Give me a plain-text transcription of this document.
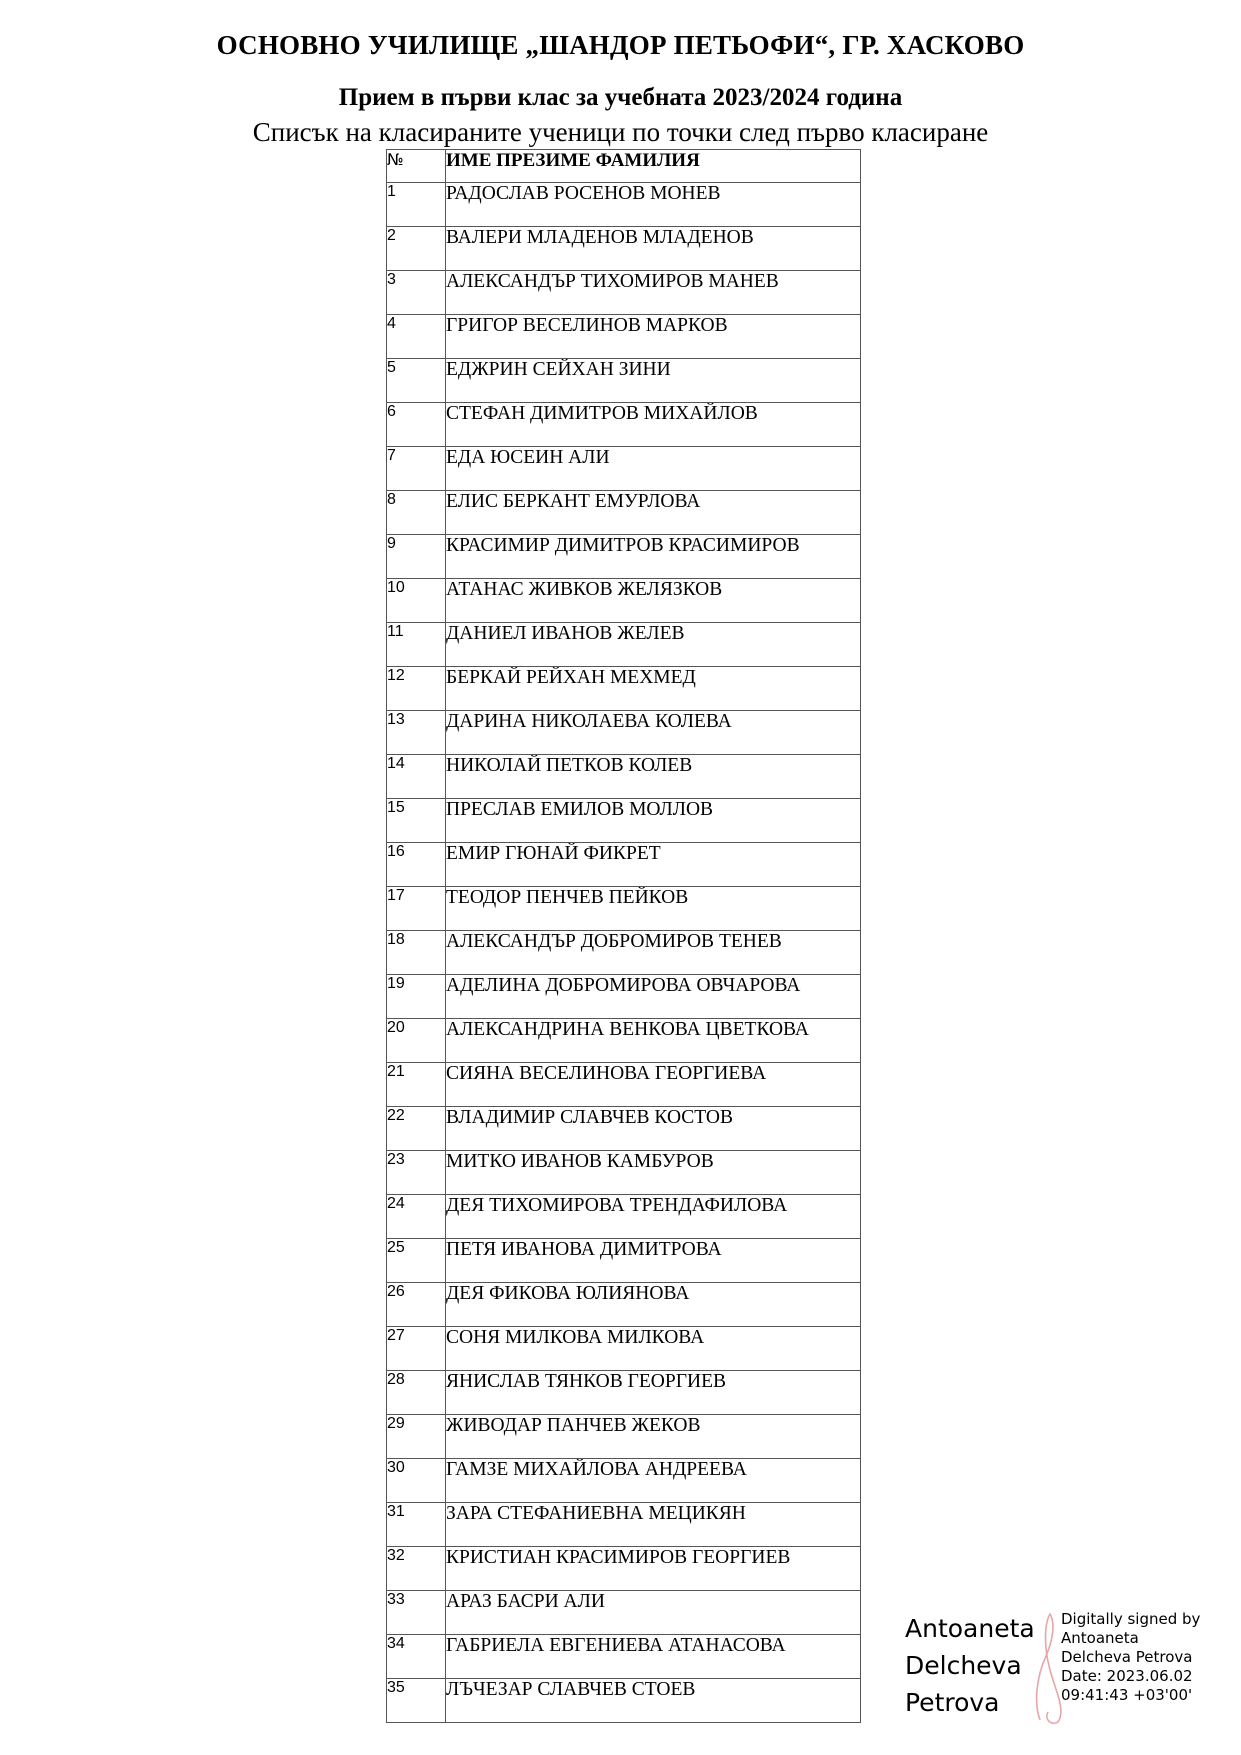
ОСНОВНО УЧИЛИЩЕ „ШАНДОР ПЕТЬОФИ“, ГР. ХАСКОВО
Прием в първи клас за учебната 2023/2024 година
Списък на класираните ученици по точки след първо класиране
№	ИМЕ ПРЕЗИМЕ ФАМИЛИЯ
1	РАДОСЛАВ РОСЕНОВ МОНЕВ
2	ВАЛЕРИ МЛАДЕНОВ МЛАДЕНОВ
3	АЛЕКСАНДЪР ТИХОМИРОВ МАНЕВ
4	ГРИГОР ВЕСЕЛИНОВ МАРКОВ
5	ЕДЖРИН СЕЙХАН ЗИНИ
6	СТЕФАН ДИМИТРОВ МИХАЙЛОВ
7	ЕДА ЮСЕИН АЛИ
8	ЕЛИС БЕРКАНТ ЕМУРЛОВА
9	КРАСИМИР ДИМИТРОВ КРАСИМИРОВ
10	АТАНАС ЖИВКОВ ЖЕЛЯЗКОВ
11	ДАНИЕЛ ИВАНОВ ЖЕЛЕВ
12	БЕРКАЙ РЕЙХАН МЕХМЕД
13	ДАРИНА НИКОЛАЕВА КОЛЕВА
14	НИКОЛАЙ ПЕТКОВ КОЛЕВ
15	ПРЕСЛАВ ЕМИЛОВ МОЛЛОВ
16	ЕМИР ГЮНАЙ ФИКРЕТ
17	ТЕОДОР ПЕНЧЕВ ПЕЙКОВ
18	АЛЕКСАНДЪР ДОБРОМИРОВ ТЕНЕВ
19	АДЕЛИНА ДОБРОМИРОВА ОВЧАРОВА
20	АЛЕКСАНДРИНА ВЕНКОВА ЦВЕТКОВА
21	СИЯНА ВЕСЕЛИНОВА ГЕОРГИЕВА
22	ВЛАДИМИР СЛАВЧЕВ КОСТОВ
23	МИТКО ИВАНОВ КАМБУРОВ
24	ДЕЯ ТИХОМИРОВА ТРЕНДАФИЛОВА
25	ПЕТЯ ИВАНОВА ДИМИТРОВА
26	ДЕЯ ФИКОВА ЮЛИЯНОВА
27	СОНЯ МИЛКОВА МИЛКОВА
28	ЯНИСЛАВ ТЯНКОВ ГЕОРГИЕВ
29	ЖИВОДАР ПАНЧЕВ ЖЕКОВ
30	ГАМЗЕ МИХАЙЛОВА АНДРЕЕВА
31	ЗАРА СТЕФАНИЕВНА МЕЦИКЯН
32	КРИСТИАН КРАСИМИРОВ ГЕОРГИЕВ
33	АРАЗ БАСРИ АЛИ
34	ГАБРИЕЛА ЕВГЕНИЕВА АТАНАСОВА
35	ЛЪЧЕЗАР СЛАВЧЕВ СТОЕВ
Antoaneta
Delcheva
Petrova
Digitally signed by
Antoaneta
Delcheva Petrova
Date: 2023.06.02
09:41:43 +03'00'
